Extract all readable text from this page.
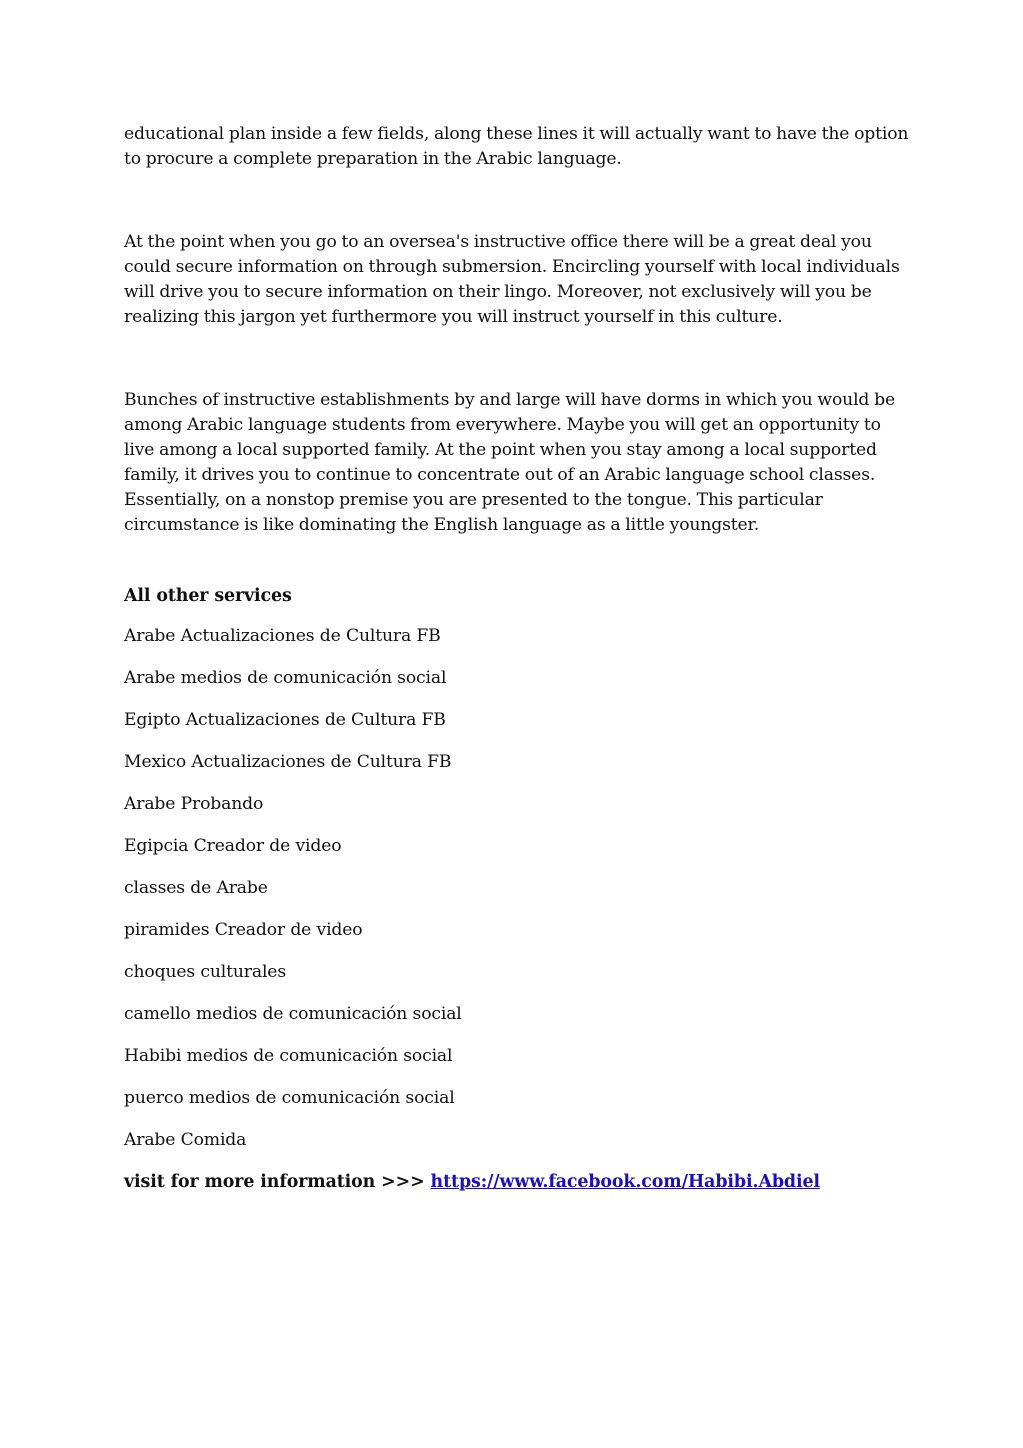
educational plan inside a few fields, along these lines it will actually want to have the option to procure a complete preparation in the Arabic language.

At the point when you go to an oversea's instructive office there will be a great deal you could secure information on through submersion. Encircling yourself with local individuals will drive you to secure information on their lingo. Moreover, not exclusively will you be realizing this jargon yet furthermore you will instruct yourself in this culture.

Bunches of instructive establishments by and large will have dorms in which you would be among Arabic language students from everywhere. Maybe you will get an opportunity to live among a local supported family. At the point when you stay among a local supported family, it drives you to continue to concentrate out of an Arabic language school classes. Essentially, on a nonstop premise you are presented to the tongue. This particular circumstance is like dominating the English language as a little youngster.

All other services
Arabe Actualizaciones de Cultura FB
Arabe medios de comunicación social
Egipto Actualizaciones de Cultura FB
Mexico Actualizaciones de Cultura FB
Arabe Probando
Egipcia Creador de video
classes de Arabe
piramides Creador de video
choques culturales
camello medios de comunicación social
Habibi medios de comunicación social
puerco medios de comunicación social
Arabe Comida

visit for more information >>> https://www.facebook.com/Habibi.Abdiel
